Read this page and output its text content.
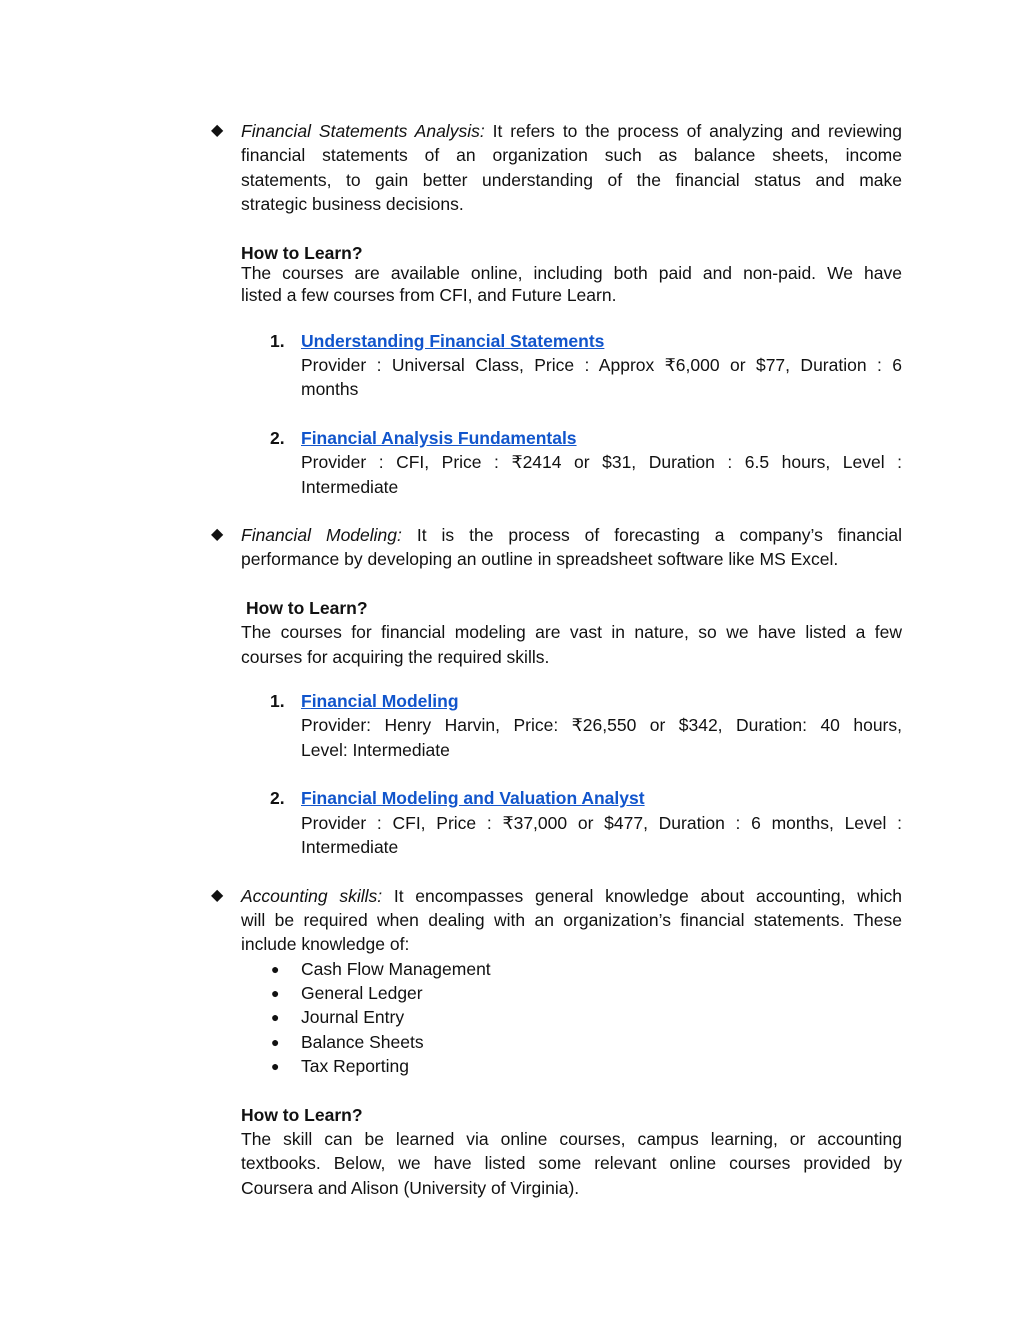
◆	Financial Statements Analysis: It refers to the process of analyzing and reviewing
financial statements of an organization such as balance sheets, income
statements, to gain better understanding of the financial status and make
strategic business decisions.
How to Learn?
The courses are available online, including both paid and non-paid. We have
listed a few courses from CFI, and Future Learn.
1. Understanding Financial Statements
Provider : Universal Class, Price : Approx ₹6,000 or $77, Duration : 6
months
2. Financial Analysis Fundamentals
Provider : CFI, Price : ₹2414 or $31, Duration : 6.5 hours, Level :
Intermediate
◆	Financial Modeling: It is the process of forecasting a company’s financial
performance by developing an outline in spreadsheet software like MS Excel.
How to Learn?
The courses for financial modeling are vast in nature, so we have listed a few
courses for acquiring the required skills.
1. Financial Modeling
Provider: Henry Harvin, Price: ₹26,550 or $342, Duration: 40 hours,
Level: Intermediate
2. Financial Modeling and Valuation Analyst
Provider : CFI, Price : ₹37,000 or $477, Duration : 6 months, Level :
Intermediate
◆	Accounting skills: It encompasses general knowledge about accounting, which
will be required when dealing with an organization’s financial statements. These
include knowledge of:
● Cash Flow Management
● General Ledger
● Journal Entry
● Balance Sheets
● Tax Reporting
How to Learn?
The skill can be learned via online courses, campus learning, or accounting
textbooks. Below, we have listed some relevant online courses provided by
Coursera and Alison (University of Virginia).
